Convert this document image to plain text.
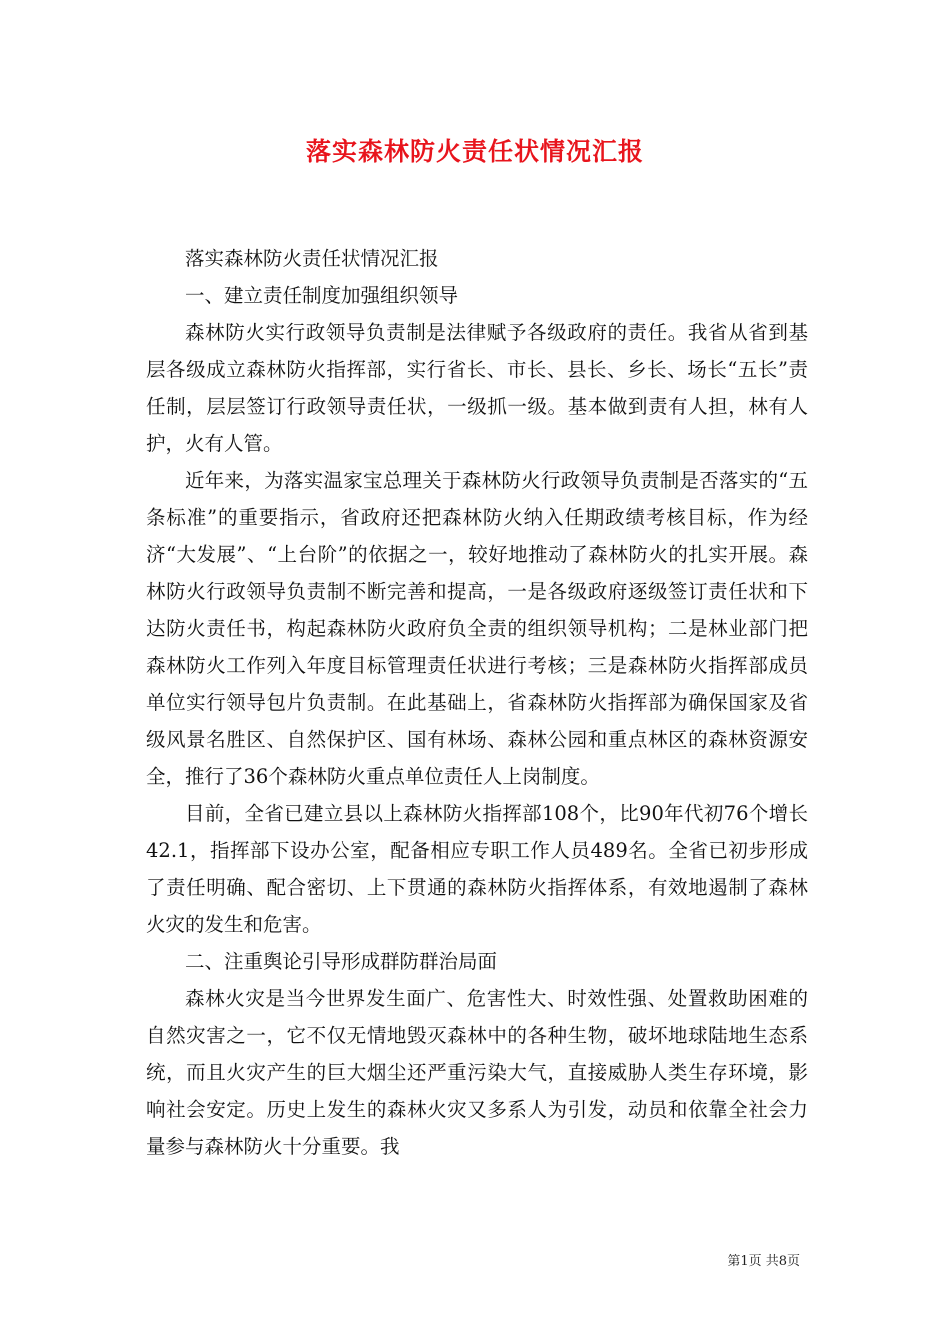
落实森林防火责任状情况汇报

落实森林防火责任状情况汇报

一、建立责任制度加强组织领导

森林防火实行政领导负责制是法律赋予各级政府的责任。我省从省到基层各级成立森林防火指挥部，实行省长、市长、县长、乡长、场长“五长”责任制，层层签订行政领导责任状，一级抓一级。基本做到责有人担，林有人护，火有人管。

近年来，为落实温家宝总理关于森林防火行政领导负责制是否落实的“五条标准”的重要指示，省政府还把森林防火纳入任期政绩考核目标，作为经济“大发展”、“上台阶”的依据之一，较好地推动了森林防火的扎实开展。森林防火行政领导负责制不断完善和提高，一是各级政府逐级签订责任状和下达防火责任书，构起森林防火政府负全责的组织领导机构；二是林业部门把森林防火工作列入年度目标管理责任状进行考核；三是森林防火指挥部成员单位实行领导包片负责制。在此基础上，省森林防火指挥部为确保国家及省级风景名胜区、自然保护区、国有林场、森林公园和重点林区的森林资源安全，推行了36个森林防火重点单位责任人上岗制度。

目前，全省已建立县以上森林防火指挥部108个，比90年代初76个增长42.1，指挥部下设办公室，配备相应专职工作人员489名。全省已初步形成了责任明确、配合密切、上下贯通的森林防火指挥体系，有效地遏制了森林火灾的发生和危害。

二、注重舆论引导形成群防群治局面

森林火灾是当今世界发生面广、危害性大、时效性强、处置救助困难的自然灾害之一，它不仅无情地毁灭森林中的各种生物，破坏地球陆地生态系统，而且火灾产生的巨大烟尘还严重污染大气，直接威胁人类生存环境，影响社会安定。历史上发生的森林火灾又多系人为引发，动员和依靠全社会力量参与森林防火十分重要。我

第1页 共8页
